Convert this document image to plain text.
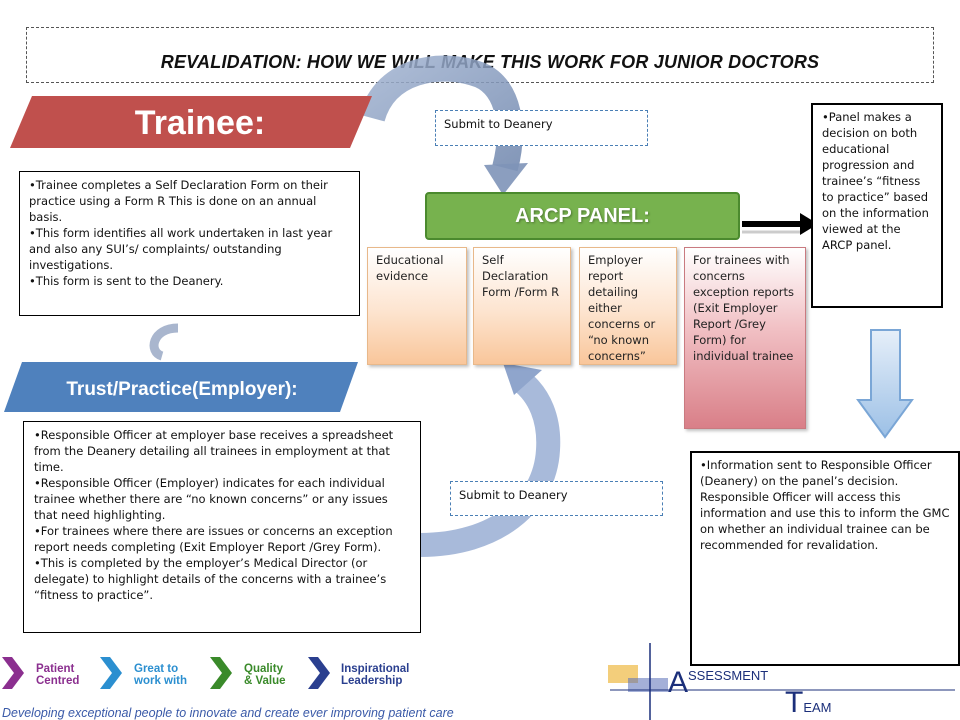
REVALIDATION: HOW WE WILL MAKE THIS WORK FOR JUNIOR DOCTORS
Trainee:
• Trainee completes a Self Declaration Form on their practice using a Form R This is done on an annual basis.
• This form identifies all work undertaken in last year and also any SUI’s/ complaints/ outstanding investigations.
• This form is sent to the Deanery.
Trust/Practice(Employer):
• Responsible Officer at employer base receives a spreadsheet from the Deanery detailing all trainees in employment at that time.
• Responsible Officer (Employer) indicates for each individual trainee whether there are “no known concerns” or any issues that need highlighting.
• For trainees where there are issues or concerns an exception report needs completing (Exit Employer Report /Grey Form).
• This is completed by the employer’s Medical Director (or delegate) to highlight details of the concerns with a trainee’s “fitness to practice”.
Submit to Deanery
Submit to Deanery
ARCP PANEL:
Educational evidence
Self Declaration Form /Form R
Employer report detailing either concerns or “no known concerns”
For trainees with concerns exception reports (Exit Employer Report /Grey Form) for individual trainee
• Panel makes a decision on both educational progression and trainee’s “fitness to practice” based on the information viewed at the ARCP panel.
• Information sent to Responsible Officer (Deanery) on the panel’s decision. Responsible Officer will access this information and use this to inform the GMC on whether an individual trainee can be recommended for revalidation.
Patient
Centred
Great to
work with
Quality
& Value
Inspirational
Leadership
Developing exceptional people to innovate and create ever improving patient care
$A^{SSESSMENT}$
TEAM
